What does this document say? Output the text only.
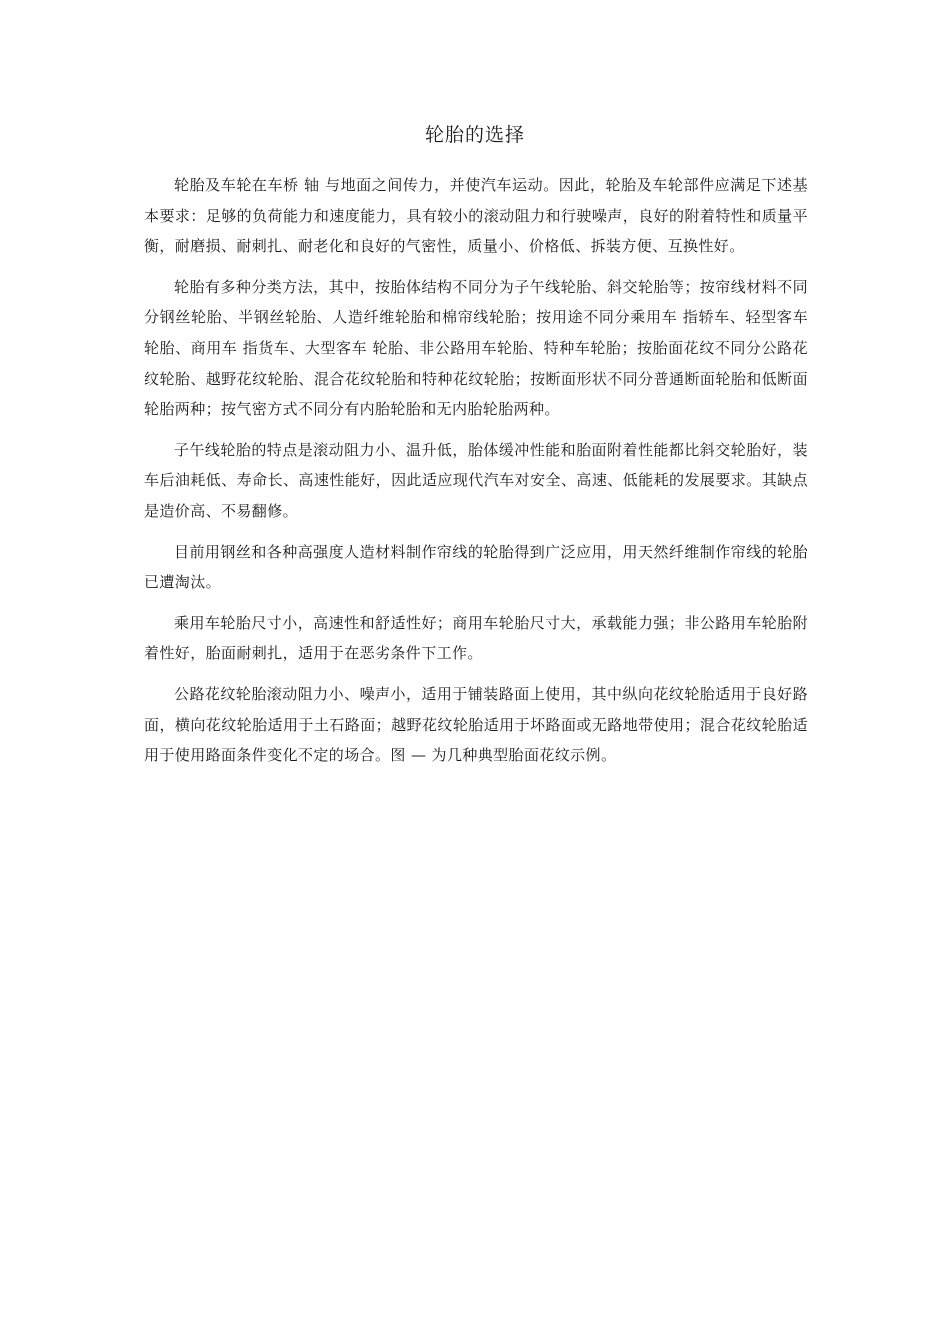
轮胎的选择

轮胎及车轮在车桥 轴 与地面之间传力，并使汽车运动。因此，轮胎及车轮部件应满足下述基本要求：足够的负荷能力和速度能力，具有较小的滚动阻力和行驶噪声，良好的附着特性和质量平衡，耐磨损、耐刺扎、耐老化和良好的气密性，质量小、价格低、拆装方便、互换性好。

轮胎有多种分类方法，其中，按胎体结构不同分为子午线轮胎、斜交轮胎等；按帘线材料不同分钢丝轮胎、半钢丝轮胎、人造纤维轮胎和棉帘线轮胎；按用途不同分乘用车 指轿车、轻型客车 轮胎、商用车 指货车、大型客车 轮胎、非公路用车轮胎、特种车轮胎；按胎面花纹不同分公路花纹轮胎、越野花纹轮胎、混合花纹轮胎和特种花纹轮胎；按断面形状不同分普通断面轮胎和低断面轮胎两种；按气密方式不同分有内胎轮胎和无内胎轮胎两种。

子午线轮胎的特点是滚动阻力小、温升低，胎体缓冲性能和胎面附着性能都比斜交轮胎好，装车后油耗低、寿命长、高速性能好，因此适应现代汽车对安全、高速、低能耗的发展要求。其缺点是造价高、不易翻修。

目前用钢丝和各种高强度人造材料制作帘线的轮胎得到广泛应用，用天然纤维制作帘线的轮胎已遭淘汰。

乘用车轮胎尺寸小，高速性和舒适性好；商用车轮胎尺寸大，承载能力强；非公路用车轮胎附着性好，胎面耐刺扎，适用于在恶劣条件下工作。

公路花纹轮胎滚动阻力小、噪声小，适用于铺装路面上使用，其中纵向花纹轮胎适用于良好路面，横向花纹轮胎适用于土石路面；越野花纹轮胎适用于坏路面或无路地带使用；混合花纹轮胎适用于使用路面条件变化不定的场合。图 — 为几种典型胎面花纹示例。
